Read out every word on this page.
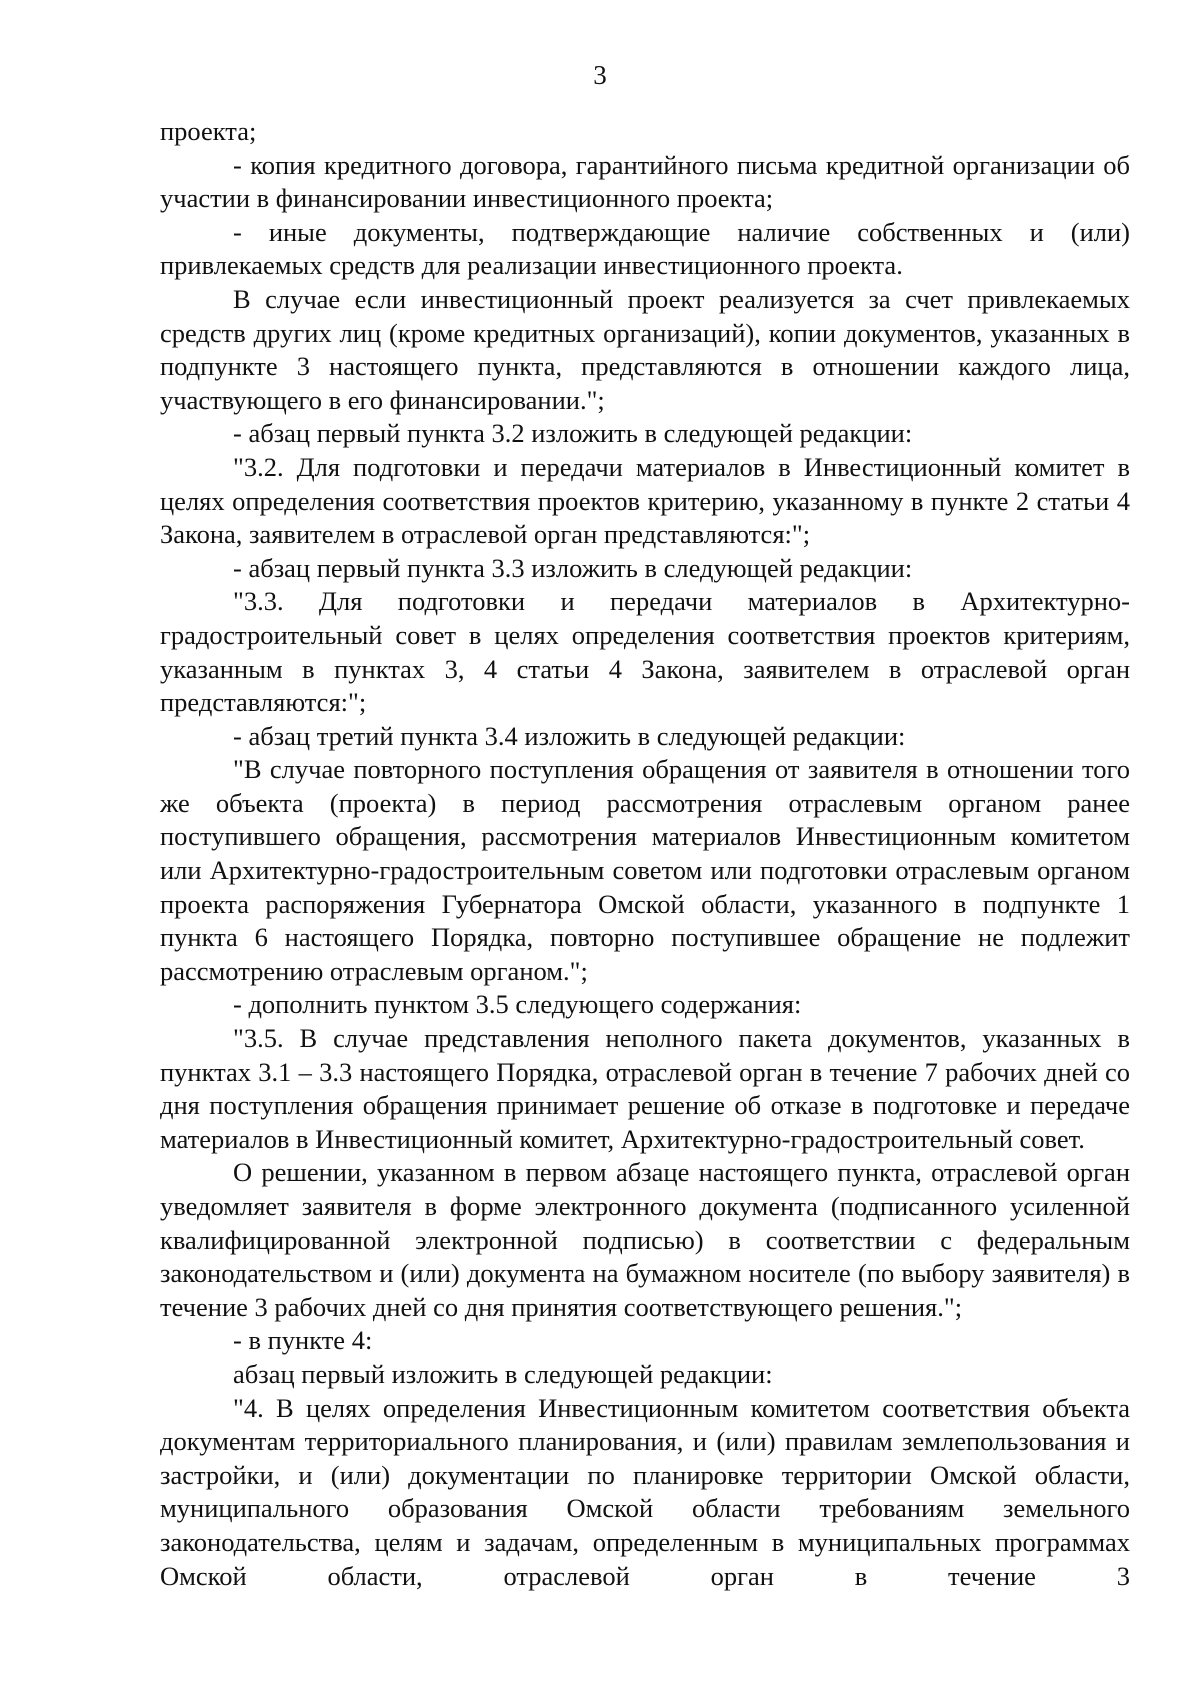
3

проекта;

- копия кредитного договора, гарантийного письма кредитной организации об участии в финансировании инвестиционного проекта;

- иные документы, подтверждающие наличие собственных и (или) привлекаемых средств для реализации инвестиционного проекта.

В случае если инвестиционный проект реализуется за счет привлекаемых средств других лиц (кроме кредитных организаций), копии документов, указанных в подпункте 3 настоящего пункта, представляются в отношении каждого лица, участвующего в его финансировании.";

- абзац первый пункта 3.2 изложить в следующей редакции:

"3.2. Для подготовки и передачи материалов в Инвестиционный комитет в целях определения соответствия проектов критерию, указанному в пункте 2 статьи 4 Закона, заявителем в отраслевой орган представляются:";

- абзац первый пункта 3.3 изложить в следующей редакции:

"3.3. Для подготовки и передачи материалов в Архитектурно-градостроительный совет в целях определения соответствия проектов критериям, указанным в пунктах 3, 4 статьи 4 Закона, заявителем в отраслевой орган представляются:";

- абзац третий пункта 3.4 изложить в следующей редакции:

"В случае повторного поступления обращения от заявителя в отношении того же объекта (проекта) в период рассмотрения отраслевым органом ранее поступившего обращения, рассмотрения материалов Инвестиционным комитетом или Архитектурно-градостроительным советом или подготовки отраслевым органом проекта распоряжения Губернатора Омской области, указанного в подпункте 1 пункта 6 настоящего Порядка, повторно поступившее обращение не подлежит рассмотрению отраслевым органом.";

- дополнить пунктом 3.5 следующего содержания:

"3.5. В случае представления неполного пакета документов, указанных в пунктах 3.1 – 3.3 настоящего Порядка, отраслевой орган в течение 7 рабочих дней со дня поступления обращения принимает решение об отказе в подготовке и передаче материалов в Инвестиционный комитет, Архитектурно-градостроительный совет.

О решении, указанном в первом абзаце настоящего пункта, отраслевой орган уведомляет заявителя в форме электронного документа (подписанного усиленной квалифицированной электронной подписью) в соответствии с федеральным законодательством и (или) документа на бумажном носителе (по выбору заявителя) в течение 3 рабочих дней со дня принятия соответствующего решения.";

- в пункте 4:

абзац первый изложить в следующей редакции:

"4. В целях определения Инвестиционным комитетом соответствия объекта документам территориального планирования, и (или) правилам землепользования и застройки, и (или) документации по планировке территории Омской области, муниципального образования Омской области требованиям земельного законодательства, целям и задачам, определенным в муниципальных программах Омской области, отраслевой орган в течение 3
